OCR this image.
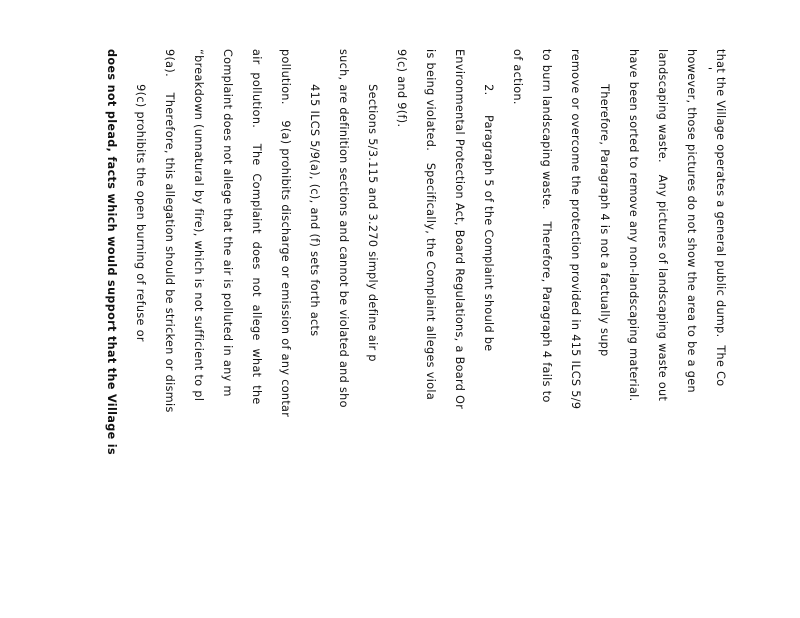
- that the Village operates a general public dump.  The Co
however, those pictures do not show the area to be a gen
landscaping waste.   Any pictures of landscaping waste out
have been sorted to remove any non-landscaping material.
Therefore, Paragraph 4 is not a factually supp
remove or overcome the protection provided in 415 ILCS 5/9
to burn landscaping waste.   Therefore, Paragraph 4 fails to
of action.
2.     Paragraph 5 of the Complaint should be
Environmental Protection Act, Board Regulations, a Board Or
is being violated.   Specifically, the Complaint alleges viola
9(c) and 9(f).
Sections 5/3.115 and 3.270 simply define air p
such, are definition sections and cannot be violated and sho
415 ILCS 5/9(a), (c), and (f) sets forth acts
pollution.    9(a) prohibits discharge or emission of any contar
air  pollution.    The  Complaint  does  not  allege  what  the
Complaint does not allege that the air is polluted in any m
“breakdown (unnatural by fire), which is not sufficient to pl
9(a).    Therefore, this allegation should be stricken or dismis
9(c) prohibits the open burning of refuse or
does not plead, facts which would support that the Village is
